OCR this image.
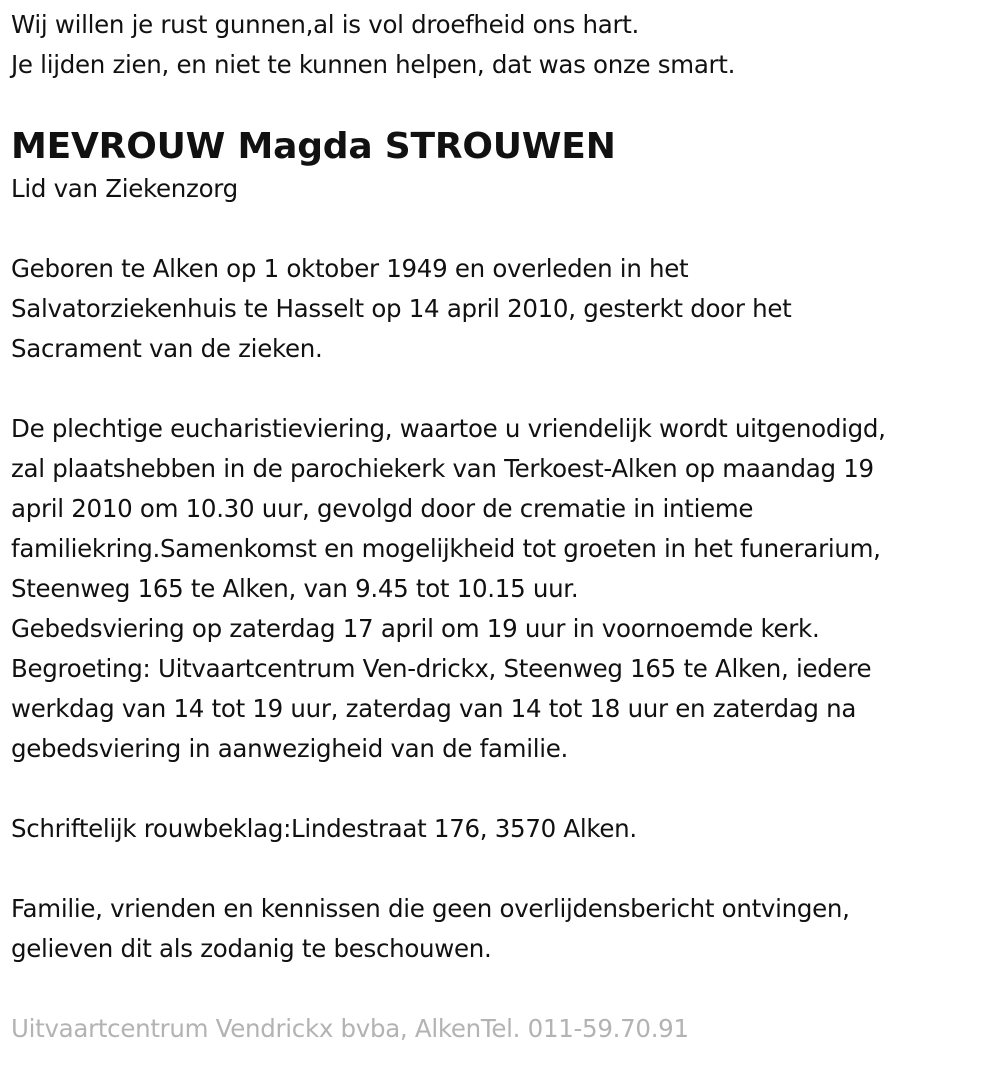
Wij willen je rust gunnen,al is vol droefheid ons hart.
Je lijden zien, en niet te kunnen helpen, dat was onze smart.
MEVROUW Magda STROUWEN
Lid van Ziekenzorg
Geboren te Alken op 1 oktober 1949 en overleden in het
Salvatorziekenhuis te Hasselt op 14 april 2010, gesterkt door het
Sacrament van de zieken.
De plechtige eucharistieviering, waartoe u vriendelijk wordt uitgenodigd,
zal plaatshebben in de parochiekerk van Terkoest-Alken op maandag 19
april 2010 om 10.30 uur, gevolgd door de crematie in intieme
familiekring.Samenkomst en mogelijkheid tot groeten in het funerarium,
Steenweg 165 te Alken, van 9.45 tot 10.15 uur.
Gebedsviering op zaterdag 17 april om 19 uur in voornoemde kerk.
Begroeting: Uitvaartcentrum Ven-drickx, Steenweg 165 te Alken, iedere
werkdag van 14 tot 19 uur, zaterdag van 14 tot 18 uur en zaterdag na
gebedsviering in aanwezigheid van de familie.
Schriftelijk rouwbeklag:Lindestraat 176, 3570 Alken.
Familie, vrienden en kennissen die geen overlijdensbericht ontvingen,
gelieven dit als zodanig te beschouwen.
Uitvaartcentrum Vendrickx bvba, AlkenTel. 011-59.70.91
